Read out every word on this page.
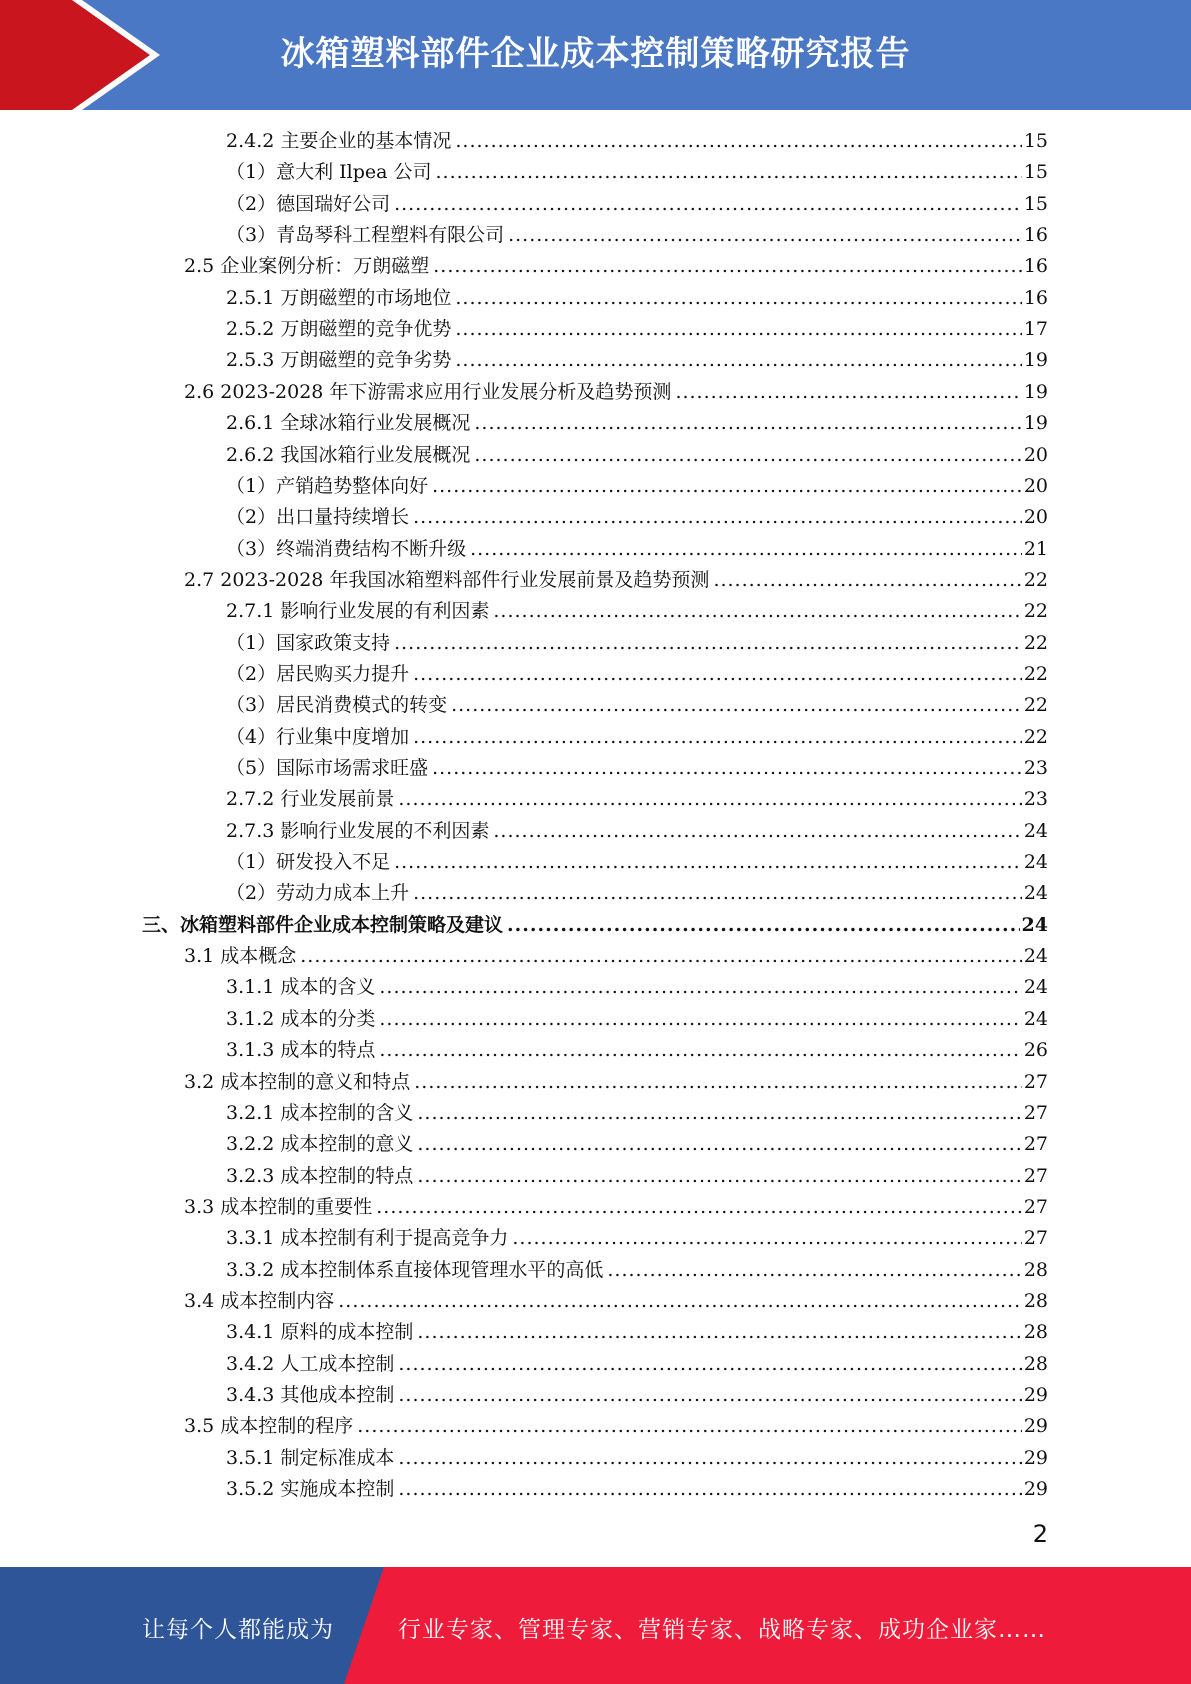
冰箱塑料部件企业成本控制策略研究报告
2.4.2 主要企业的基本情况 .....	15
（1）意大利 Ilpea 公司 .....	15
（2）德国瑞好公司 .....	15
（3）青岛琴科工程塑料有限公司 .....	16
2.5 企业案例分析：万朗磁塑 .....	16
2.5.1 万朗磁塑的市场地位 .....	16
2.5.2 万朗磁塑的竞争优势 .....	17
2.5.3 万朗磁塑的竞争劣势 .....	19
2.6 2023-2028 年下游需求应用行业发展分析及趋势预测 .....	19
2.6.1 全球冰箱行业发展概况 .....	19
2.6.2 我国冰箱行业发展概况 .....	20
（1）产销趋势整体向好 .....	20
（2）出口量持续增长 .....	20
（3）终端消费结构不断升级 .....	21
2.7 2023-2028 年我国冰箱塑料部件行业发展前景及趋势预测 .....	22
2.7.1 影响行业发展的有利因素 .....	22
（1）国家政策支持 .....	22
（2）居民购买力提升 .....	22
（3）居民消费模式的转变 .....	22
（4）行业集中度增加 .....	22
（5）国际市场需求旺盛 .....	23
2.7.2 行业发展前景 .....	23
2.7.3 影响行业发展的不利因素 .....	24
（1）研发投入不足 .....	24
（2）劳动力成本上升 .....	24
三、冰箱塑料部件企业成本控制策略及建议 .....	24
3.1 成本概念 .....	24
3.1.1 成本的含义 .....	24
3.1.2 成本的分类 .....	24
3.1.3 成本的特点 .....	26
3.2 成本控制的意义和特点 .....	27
3.2.1 成本控制的含义 .....	27
3.2.2 成本控制的意义 .....	27
3.2.3 成本控制的特点 .....	27
3.3 成本控制的重要性 .....	27
3.3.1 成本控制有利于提高竞争力 .....	27
3.3.2 成本控制体系直接体现管理水平的高低 .....	28
3.4 成本控制内容 .....	28
3.4.1 原料的成本控制 .....	28
3.4.2 人工成本控制 .....	28
3.4.3 其他成本控制 .....	29
3.5 成本控制的程序 .....	29
3.5.1 制定标准成本 .....	29
3.5.2 实施成本控制 .....	29
2
让每个人都能成为	行业专家、管理专家、营销专家、战略专家、成功企业家……
